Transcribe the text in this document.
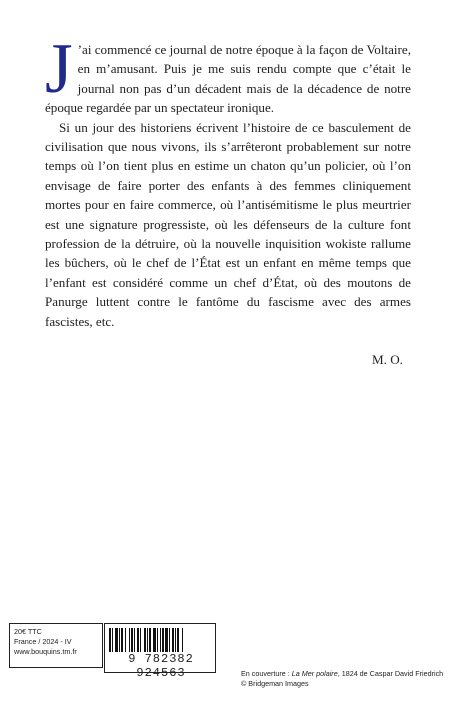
J ’ai commencé ce journal de notre époque à la façon de Voltaire, en m’amusant. Puis je me suis rendu compte que c’était le journal non pas d’un décadent mais de la décadence de notre époque regardée par un spectateur ironique.

Si un jour des historiens écrivent l’histoire de ce basculement de civilisation que nous vivons, ils s’arrêteront probablement sur notre temps où l’on tient plus en estime un chaton qu’un policier, où l’on envisage de faire porter des enfants à des femmes cliniquement mortes pour en faire commerce, où l’antisémitisme le plus meurtrier est une signature progressiste, où les défenseurs de la culture font profession de la détruire, où la nouvelle inquisition wokiste rallume les bûchers, où le chef de l’État est un enfant en même temps que l’enfant est considéré comme un chef d’État, où des moutons de Panurge luttent contre le fantôme du fascisme avec des armes fascistes, etc.

M. O.
20€ TTC
France / 2024 - IV
www.bouquins.tm.fr
9 782382 924563	En couverture : La Mer polaire, 1824 de Caspar David Friedrich
© Bridgeman Images
